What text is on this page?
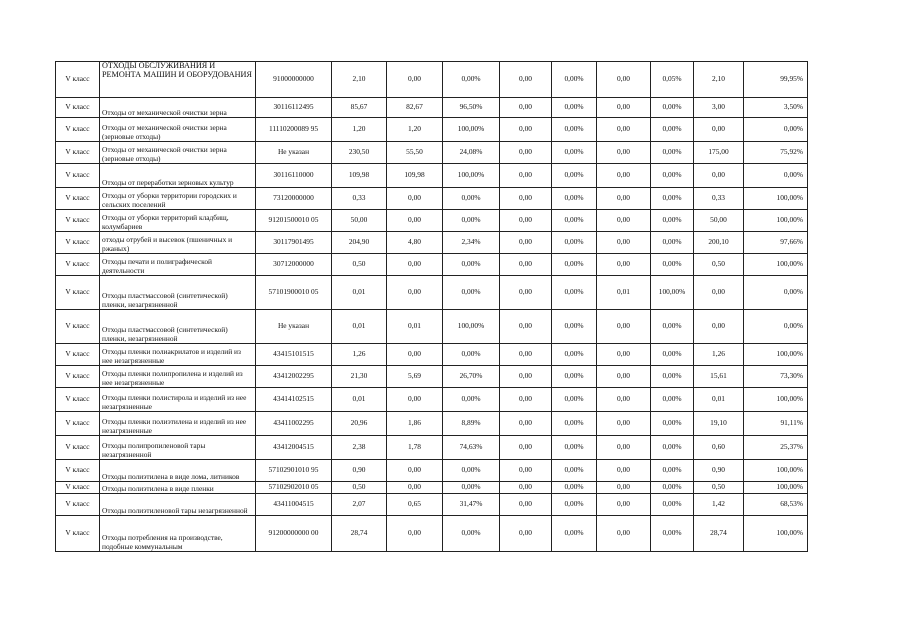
V класс	ОТХОДЫ ОБСЛУЖИВАНИЯ И РЕМОНТА МАШИН И ОБОРУДОВАНИЯ	91000000000	2,10	0,00	0,00%	0,00	0,00%	0,00	0,05%	2,10	99,95%
V класс	Отходы от механической очистки зерна	30116112495	85,67	82,67	96,50%	0,00	0,00%	0,00	0,00%	3,00	3,50%
V класс	Отходы от механической очистки зерна (зерновые отходы)	11110200089 95	1,20	1,20	100,00%	0,00	0,00%	0,00	0,00%	0,00	0,00%
V класс	Отходы от механической очистки зерна (зерновые отходы)	Не указан	230,50	55,50	24,08%	0,00	0,00%	0,00	0,00%	175,00	75,92%
V класс	Отходы от переработки зерновых культур	30116110000	109,98	109,98	100,00%	0,00	0,00%	0,00	0,00%	0,00	0,00%
V класс	Отходы от уборки территории городских и сельских поселений	73120000000	0,33	0,00	0,00%	0,00	0,00%	0,00	0,00%	0,33	100,00%
V класс	Отходы от уборки территорий кладбищ, колумбариев	91201500010 05	50,00	0,00	0,00%	0,00	0,00%	0,00	0,00%	50,00	100,00%
V класс	отходы отрубей и высевок (пшеничных и ржаных)	30117901495	204,90	4,80	2,34%	0,00	0,00%	0,00	0,00%	200,10	97,66%
V класс	Отходы печати и полиграфической деятельности	30712000000	0,50	0,00	0,00%	0,00	0,00%	0,00	0,00%	0,50	100,00%
V класс	Отходы пластмассовой (синтетической) пленки, незагрязненной	57101900010 05	0,01	0,00	0,00%	0,00	0,00%	0,01	100,00%	0,00	0,00%
V класс	Отходы пластмассовой (синтетической) пленки, незагрязненной	Не указан	0,01	0,01	100,00%	0,00	0,00%	0,00	0,00%	0,00	0,00%
V класс	Отходы пленки полиакрилатов и изделий из нее незагрязненные	43415101515	1,26	0,00	0,00%	0,00	0,00%	0,00	0,00%	1,26	100,00%
V класс	Отходы пленки полипропилена и изделий из нее незагрязненные	43412002295	21,30	5,69	26,70%	0,00	0,00%	0,00	0,00%	15,61	73,30%
V класс	Отходы пленки полистирола и изделий из нее незагрязненные	43414102515	0,01	0,00	0,00%	0,00	0,00%	0,00	0,00%	0,01	100,00%
V класс	Отходы пленки полиэтилена и изделий из нее незагрязненные	43411002295	20,96	1,86	8,89%	0,00	0,00%	0,00	0,00%	19,10	91,11%
V класс	Отходы полипропиленовой тары незагрязненной	43412004515	2,38	1,78	74,63%	0,00	0,00%	0,00	0,00%	0,60	25,37%
V класс	Отходы полиэтилена в виде лома, литников	57102901010 95	0,90	0,00	0,00%	0,00	0,00%	0,00	0,00%	0,90	100,00%
V класс	Отходы полиэтилена в виде пленки	57102902010 05	0,50	0,00	0,00%	0,00	0,00%	0,00	0,00%	0,50	100,00%
V класс	Отходы полиэтиленовой тары незагрязненной	43411004515	2,07	0,65	31,47%	0,00	0,00%	0,00	0,00%	1,42	68,53%
V класс	Отходы потребления на производстве, подобные коммунальным	91200000000 00	28,74	0,00	0,00%	0,00	0,00%	0,00	0,00%	28,74	100,00%
